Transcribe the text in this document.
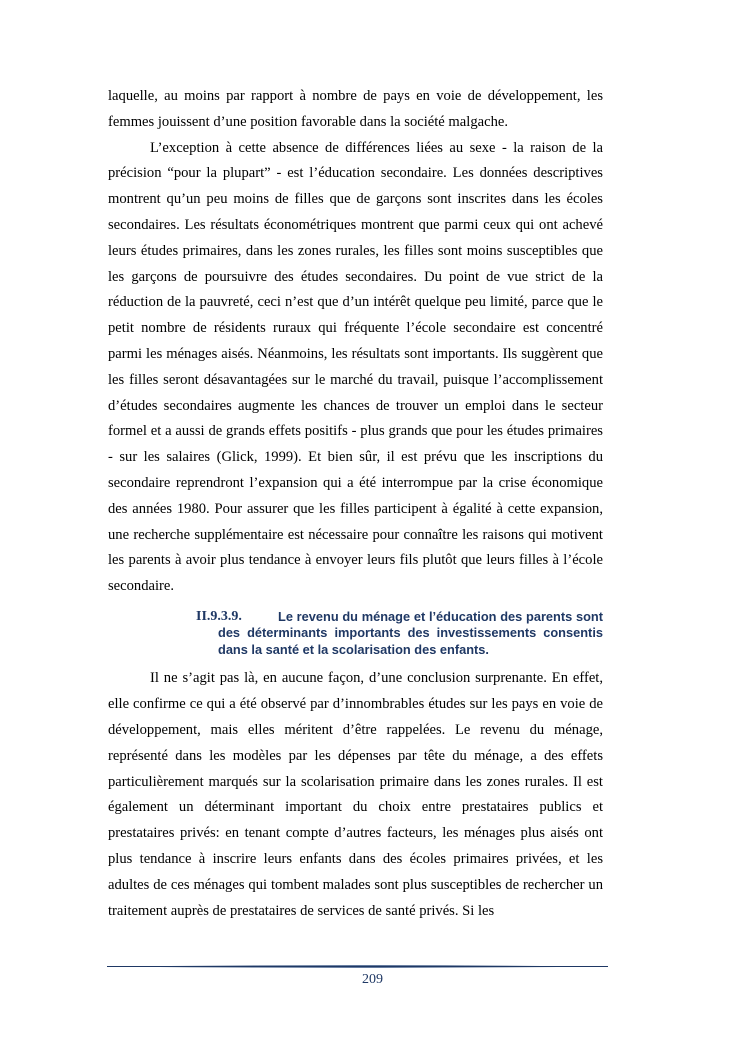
laquelle, au moins par rapport à nombre de pays en voie de développement, les femmes jouissent d’une position favorable dans la société malgache.

L’exception à cette absence de différences liées au sexe - la raison de la précision “pour la plupart” - est l’éducation secondaire. Les données descriptives montrent qu’un peu moins de filles que de garçons sont inscrites dans les écoles secondaires. Les résultats économétriques montrent que parmi ceux qui ont achevé leurs études primaires, dans les zones rurales, les filles sont moins susceptibles que les garçons de poursuivre des études secondaires. Du point de vue strict de la réduction de la pauvreté, ceci n’est que d’un intérêt quelque peu limité, parce que le petit nombre de résidents ruraux qui fréquente l’école secondaire est concentré parmi les ménages aisés. Néanmoins, les résultats sont importants. Ils suggèrent que les filles seront désavantagées sur le marché du travail, puisque l’accomplissement d’études secondaires augmente les chances de trouver un emploi dans le secteur formel et a aussi de grands effets positifs - plus grands que pour les études primaires - sur les salaires (Glick, 1999). Et bien sûr, il est prévu que les inscriptions du secondaire reprendront l’expansion qui a été interrompue par la crise économique des années 1980. Pour assurer que les filles participent à égalité à cette expansion, une recherche supplémentaire est nécessaire pour connaître les raisons qui motivent les parents à avoir plus tendance à envoyer leurs fils plutôt que leurs filles à l’école secondaire.

II.9.3.9.	Le revenu du ménage et l’éducation des parents sont des déterminants importants des investissements consentis dans la santé et la scolarisation des enfants.

Il ne s’agit pas là, en aucune façon, d’une conclusion surprenante. En effet, elle confirme ce qui a été observé par d’innombrables études sur les pays en voie de développement, mais elles méritent d’être rappelées. Le revenu du ménage, représenté dans les modèles par les dépenses par tête du ménage, a des effets particulièrement marqués sur la scolarisation primaire dans les zones rurales. Il est également un déterminant important du choix entre prestataires publics et prestataires privés: en tenant compte d’autres facteurs, les ménages plus aisés ont plus tendance à inscrire leurs enfants dans des écoles primaires privées, et les adultes de ces ménages qui tombent malades sont plus susceptibles de rechercher un traitement auprès de prestataires de services de santé privés. Si les

209
